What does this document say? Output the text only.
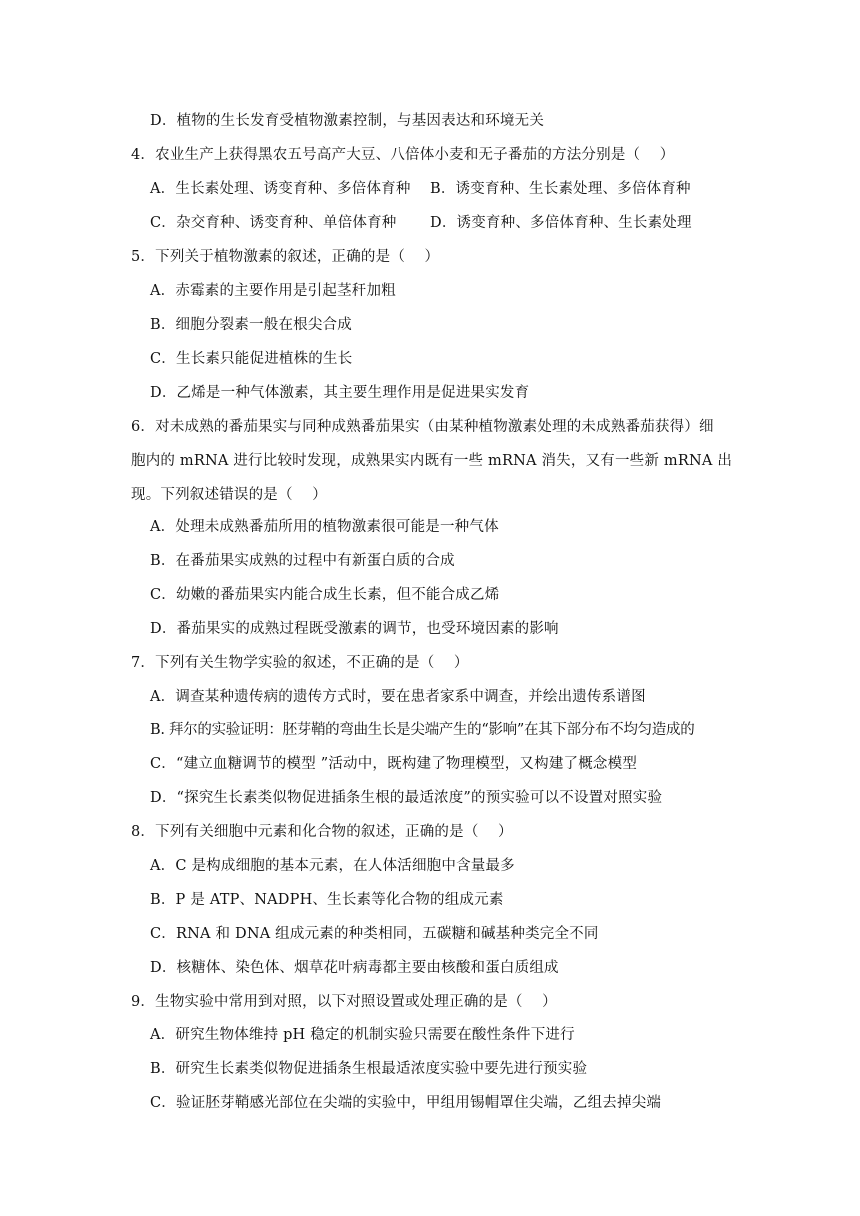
D．植物的生长发育受植物激素控制，与基因表达和环境无关
4．农业生产上获得黑农五号高产大豆、八倍体小麦和无子番茄的方法分别是（　 ）
A．生长素处理、诱变育种、多倍体育种 B．诱变育种、生长素处理、多倍体育种
C．杂交育种、诱变育种、单倍体育种 D．诱变育种、多倍体育种、生长素处理
5．下列关于植物激素的叙述，正确的是（　 ）
A．赤霉素的主要作用是引起茎秆加粗
B．细胞分裂素一般在根尖合成
C．生长素只能促进植株的生长
D．乙烯是一种气体激素，其主要生理作用是促进果实发育
6．对未成熟的番茄果实与同种成熟番茄果实（由某种植物激素处理的未成熟番茄获得）细
胞内的 mRNA 进行比较时发现，成熟果实内既有一些 mRNA 消失，又有一些新 mRNA 出
现。下列叙述错误的是（　 ）
A．处理未成熟番茄所用的植物激素很可能是一种气体
B．在番茄果实成熟的过程中有新蛋白质的合成
C．幼嫩的番茄果实内能合成生长素，但不能合成乙烯
D．番茄果实的成熟过程既受激素的调节，也受环境因素的影响
7．下列有关生物学实验的叙述，不正确的是（　 ）
A．调查某种遗传病的遗传方式时，要在患者家系中调查，并绘出遗传系谱图
B. 拜尔的实验证明：胚芽鞘的弯曲生长是尖端产生的“影响”在其下部分布不均匀造成的
C．“建立血糖调节的模型 ”活动中，既构建了物理模型，又构建了概念模型
D．“探究生长素类似物促进插条生根的最适浓度”的预实验可以不设置对照实验
8．下列有关细胞中元素和化合物的叙述，正确的是（　 ）
A．C 是构成细胞的基本元素，在人体活细胞中含量最多
B．P 是 ATP、NADPH、生长素等化合物的组成元素
C．RNA 和 DNA 组成元素的种类相同，五碳糖和碱基种类完全不同
D．核糖体、染色体、烟草花叶病毒都主要由核酸和蛋白质组成
9．生物实验中常用到对照，以下对照设置或处理正确的是（　 ）
A．研究生物体维持 pH 稳定的机制实验只需要在酸性条件下进行
B．研究生长素类似物促进插条生根最适浓度实验中要先进行预实验
C．验证胚芽鞘感光部位在尖端的实验中，甲组用锡帽罩住尖端，乙组去掉尖端
